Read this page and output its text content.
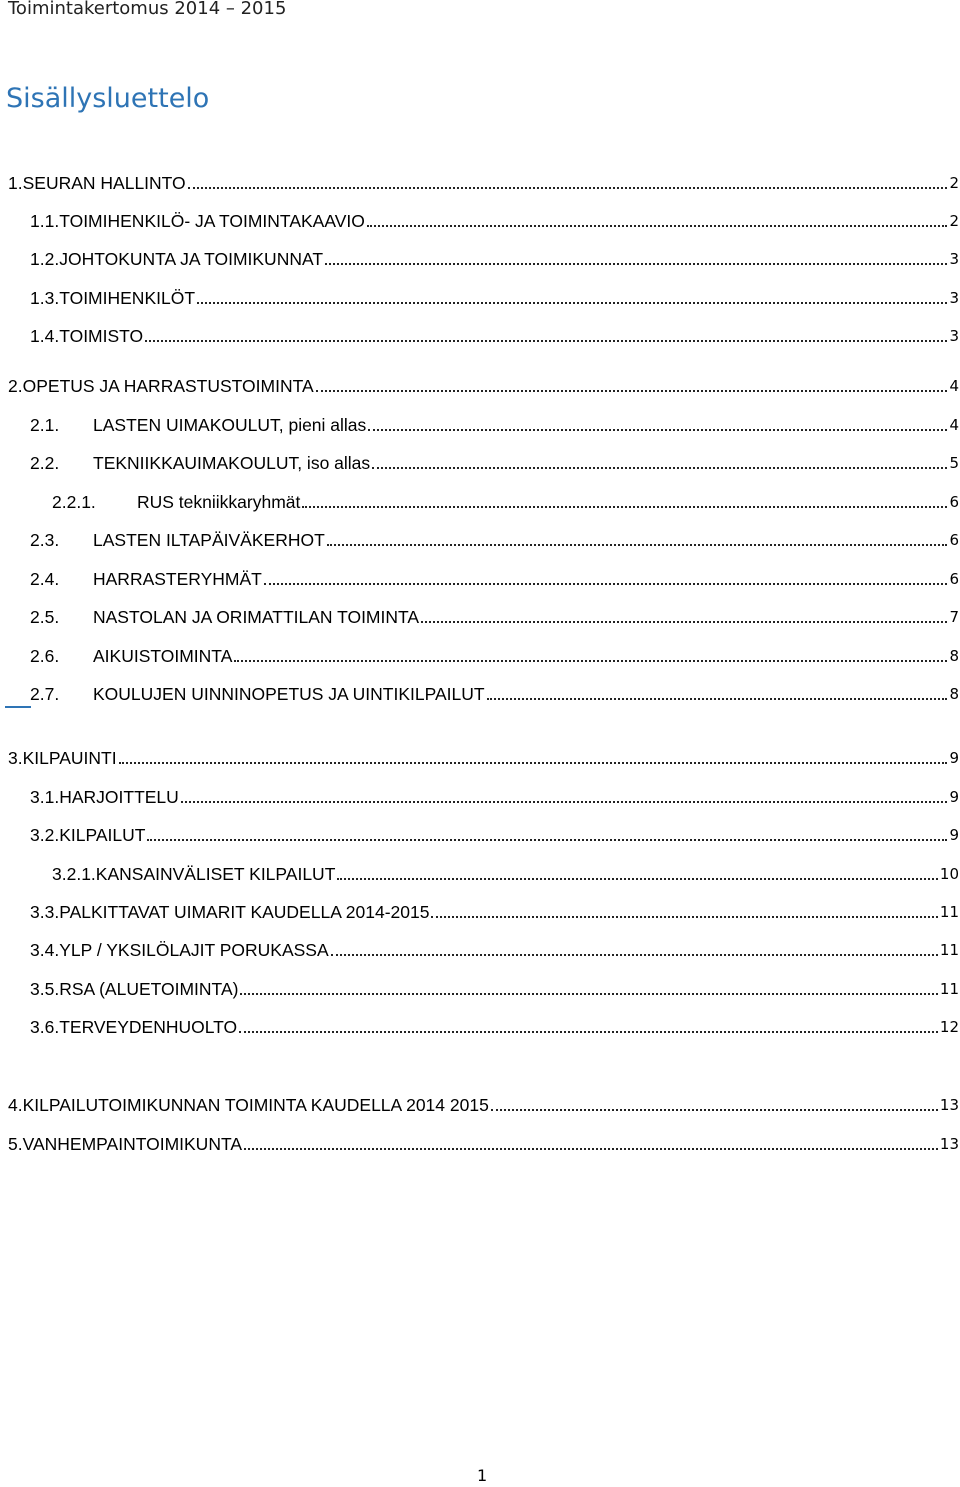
Toimintakertomus 2014 – 2015
Sisällysluettelo
1. SEURAN HALLINTO	2
1.1. TOIMIHENKILÖ- JA TOIMINTAKAAVIO	2
1.2. JOHTOKUNTA JA TOIMIKUNNAT	3
1.3. TOIMIHENKILÖT	3
1.4. TOIMISTO	3
2. OPETUS JA HARRASTUSTOIMINTA	4
2.1.	LASTEN UIMAKOULUT, pieni allas	4
2.2.	TEKNIIKKAUIMAKOULUT, iso allas	5
2.2.1.	RUS tekniikkaryhmät	6
2.3.	LASTEN ILTAPÄIVÄKERHOT	6
2.4.	HARRASTERYHMÄT	6
2.5.	NASTOLAN JA ORIMATTILAN TOIMINTA	7
2.6.	AIKUISTOIMINTA	8
2.7.	KOULUJEN UINNINOPETUS JA UINTIKILPAILUT	8
3. KILPAUINTI	9
3.1. HARJOITTELU	9
3.2. KILPAILUT	9
3.2.1. KANSAINVÄLISET KILPAILUT	10
3.3. PALKITTAVAT UIMARIT KAUDELLA 2014-2015	11
3.4. YLP / YKSILÖLAJIT PORUKASSA	11
3.5. RSA (ALUETOIMINTA)	11
3.6. TERVEYDENHUOLTO	12
4. KILPAILUTOIMIKUNNAN TOIMINTA KAUDELLA 2014 2015	13
5. VANHEMPAINTOIMIKUNTA	13
1
